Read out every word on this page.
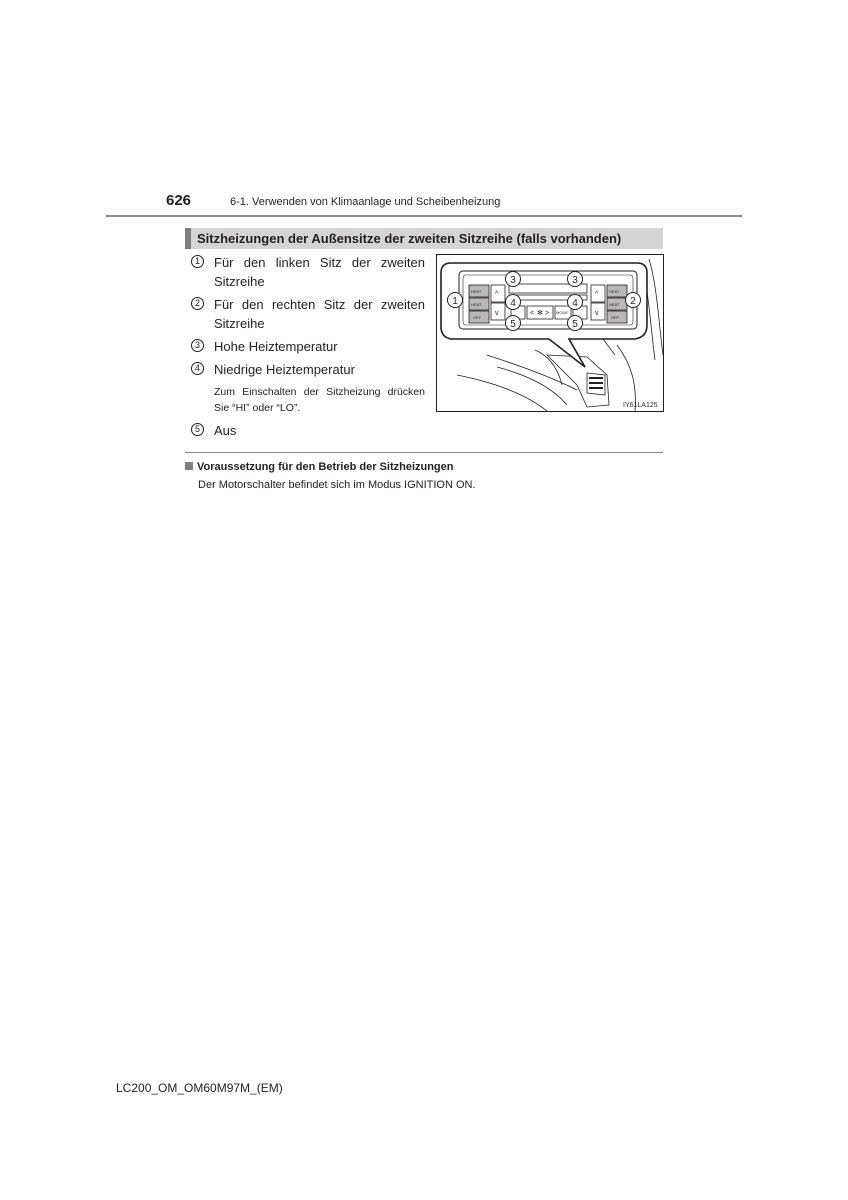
626	6-1. Verwenden von Klimaanlage und Scheibenheizung
Sitzheizungen der Außensitze der zweiten Sitzreihe (falls vorhanden)
1	Für den linken Sitz der zweiten Sitzreihe
2	Für den rechten Sitz der zweiten Sitzreihe
3	Hohe Heiztemperatur
4	Niedrige Heiztemperatur
Zum Einschalten der Sitzheizung drücken Sie “HI” oder “LO”.
5	Aus
HEAT
HEAT
OFF
HEAT
HEAT
OFF
MODE
^
v
^
v
< ✻ >
1	2
3	3
4	4
5	5
IY61LA125
Voraussetzung für den Betrieb der Sitzheizungen
Der Motorschalter befindet sich im Modus IGNITION ON.
LC200_OM_OM60M97M_(EM)
